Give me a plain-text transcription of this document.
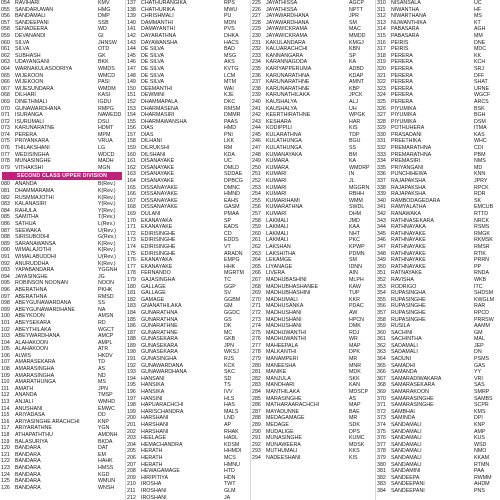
054 RAVIHARI	KMV
055 SANDARUWAN	HMG
056 BANDAMALI	DMP
057 SANDEEPANI	SSB
058 SENADEERA	WD
059 DEVANANDI	GI
060 SILVA	JHNSW
061 SILVA	OTD
062 SUBHASH	GK
063 UDAYANGANI	BKK
064 WARNAKULASOORIYA	WMDS
065 WIJEKOON	WMCD
066 WIJEKOON	PASI
067 WIJESUNDARA	WMDM
068 DILHARI	KASI
069 DINETHMALI	IGDU
070 GUNAWARDHANA	RMPG
071 ISURANGA	NAWEDD
072 ISURUMALI	DSU
073 KARUNARATNE	HDMT
074 PERERA	MPM
075 PRIYANKARA	VRUA
076 THILAKSHANI	LG
077 WEDISINGHA	WDCD
078 MUNASINGHE	MADH
079 VITHAKSHI	MGN
SECOND CLASS UPPER DIVISION
080 ANANDA	B(Rev.)
081 DHAMMARAMA	K(Rev.)
082 RUSMMAJOTHI	K(Rev.)
083 KALANASIRI	Y(Rev.)
084 RAHULA	Y(Rev.)
085 SAMITHA	T(Rev.)
086 SATHUA	L(Rev.)
087 SEEWAKA	U(Rev.)
088 SIRISUBODHI	G(Rev.)
089 SARANAWANSA	K(Rev.)
090 WIMALAJOTHI	K(Rev.)
091 WIMALABUDDHI	U(Rev.)
092 ANURUDDHA	K(Rev.)
093 YAPABANDARA	YGGNH
094 JAYASINGHE	JG
095 ROBINSON NOONAN	NOON
096 ABERATHNA	PKHK
097 ABERATHNA	RMSD
098 ABEYGUNAWARDANA	SS
099 ABEYGUNAWARDHANE	NA
100 ABEYKOON	AMSN
101 ABEYSEKARA	RD
102 ABEYTHILAKA	WGCT
103 ABEYWARDHANA	AMCP
104 ALAHAKOON	AMPL
105 ALAHAKOON	ATR
106 ALWIS	HKDV
107 AMARASEKARA	TD
108 AMARASINGHA	AS
109 AMARASINGHA	ND
110	AMARATHUNGA	MS
111	AMATH	JPN
112	ANANDA	TMSP
113	ANJALI	WMHD
114	ANUSHANI	EMWC
115	ARIYADASA	DD
116	ARIYASINGHE ARACHCHI	KNP
117	ARIYARATHNE	YGN
118	ATHAPATHTHU	AMDNH
119	BALASURIYA	BKDA
120 BANDARA	DAT
121 BANDARA	EM
122 BANDARA	HAHK
123 BANDARA	HMSS
124 BANDARA	KGD
125 BANDARA	WMUN
126 BANDARA	WNSH
137 CHATHURANGIKA	RPS
138 CHATHURIKA	MWU
139 CHRISHMALI	PU
140 DAMMANTHI	MDN
141 DAMAYANTHI	PVS
142 DAYARATHNA	DHKA
143 DAYAWANSHA	HACS
144 DE SILVA	BAD
145 DE SILVA	MSG
146 DE SILVA	AKS
147 DE SILVA	KVTG
148 DE SILVA	LCM
149 DE SILVA	MTM
150 DEEMANTHI	WAI
151 DEWMINI	KJE
152 DHAMMAPALA	DKC
153 DHARMASENA	RMSM
154 DHARMASIRI	DMMR
155 DHARMAWANSHA	PAAS
156 DIAS	HMD
157 DIAS	PNI
158 DILHANI	LKK
159 DILRUKSHI	RM
160 DILSHANI	KDA
161 DISANAYAKE	UC
162 DISANAYAKE	DMLD
163 DISANAYAKE	SDDAE
164 DISANAYAKE	DPBCG
165 DISSANAYAKE	DMNC
166 DISSANAYAKE	HMND
167 DISSANAYAKE	EAHS
168 DISSANAYAKE	GASM
169 DULANI	PMAA
170 EKANAYAKA	SP
171 EKANAYAKE	EADS
172 EDIRISINGHE	CD
173 EDIRISINGHE	EDDS
174 EDIRISINGHE	VT
175 EDIRISINGHE	ARADN
176 EKANAYAKA	EMPG
177 EKANAYAKE	HHK
178 FERNANDO	MGRTM
179 GAJASINGHA	TC
180 GALLAGE	GGP
181 GALLAGE	SV
182 GAMAGE	GGBM
183 GNANATHILAKA	GM
184 GUNARATHNA	GGDC
185 GUNARATHNA	GS
186 GUNARATHNE	DK
187 GUNARATHNE	MC
188 GUNASEKARA	GKB
189 GUNASEKARA	JPN
190 GUNASEKARA	WKSJ
191 GUNASINGHA	RJS
192 GUNAWARDANA	KCK
193 GUNAWARDHANA	SKC
194 HANSANI	SD
195 HANSIKA	TS
196 HANSIKA	IVV
197 HANSINI	HLS
198 HAPUARACHCHI	HAS
199 HARISCHANDRA	MALS
200 HARSHANI	LND
201 HARSHANI	AP
202 HARSHANI	RHAK
203 HEELAGE	HADL
204 HEMACHANDRA	KDSM
205 HERATH	HHMDI
206 HERATH	MCS
207 HERATH	HMNU
208 HEWAGAMAGE	HTD
209 HIRIPITIYA	HDN
210 IROSHA	TWT
211	IROSHANI	GLM
212 IROSHANI	JA
225 JAYATHISSA	AGCP
226 JAYATHISSA	NPTT
227 JAYAWARDHANA	JPR
228 JAYAWARDHANA	SM
229 JAYAWICKRAMA	MAC
230 JAYAWICKRAMA	MMDD
231 KAKULANDARA	KMGJ
232 KALUARACHCHI	KBN
233 KANNANGARA	SP
234 KARANNAGODA	KA
235 KARIYAPPERUMA	ADBD
236 KARUNARATHNA	KDAP
237 KARUNARATHNE	AMNT
238 KARUNARATHNE	KBP
239 KARUNATHILAKA	JPCK
240 KAUSHALYA	ALJ
241 KAUSHALYA	UH
242 KEERTHIRATHNE	WPGK
243 KESHARA	HAR
244 KODIPPILI	KIS
245 KULARATHNA	TDP
246 KULATHUNGA	BGU
247 KULATHUNGA	SS
248 KUMANAYAKA	BM
249 KUMARA	KA
250 KUMARA	WMDRP
251 KUMARI	IN
252 KUMARI	JL
253 KUMARI	MGGRN
254 KUMARI	RBHH
255 KUMARIHAMI	WMM
256 KUMARATHNA	SWDL
257 KUMARI	DHM
258 LAKMALI	JMD
259 LAKMALI	KAA
260 LAKMALI	NHT
261 LAKMALI	PKC
262 LAKSHAN	KPWP
263 LAKSHITHA	PDMN
264 LEKAMGE	SM
265 LIYANAGE	IDNN
266 LIVERA	AIN
267 MADHUBASHINI	MLPH
268 MADHUBHASHANEE	KAW
269 MADHUBHASHINI	TUP
270 MADHUMALI	KKR
271 MADHUSANKA	PDAC
272 MADHUSHANI	AW
273 MADHUSHANI	HPCN
274 MADHUSHANI	DMK
275 MADHUWANTHI	RDJ
276 MADHUWANTHI	WR
277 MAHEEPALA	MAP
278 MALKANTHI	DPK
279 MANAMPERI	MR
280 MANEESHA	MNR
281 MANIKE	MDK
282 MANJULA	SKK
283 MANOHARI	KAN
284 MANTHILAKA	MDSCP
285 MARASINGHE	AS
286 MATHARAARACHCHI	MAP
287 MAYADUNNE	BAE
288 MEDAGAMAGE	MR
289 MEDAGE	SDK
290 MUDALIGE	DPS
291 MUNASINGHE	KUMC
292 MUNAWEERA	MDSK
293 MUTHUMALI	KKS
294 NADEESHANI	KIS
310 NISANSALA	UC
311	NIWANTHA	HF
312 NIWARTHANA	MS
313 NUWANTHIKA	KT
314 PABASARA	AGH
315 PABASARA	MM
316 PEIRIS	DNE
317 PEIRIS	MDC
318 PERERA	KK
319 PERERA	KCH
320 PERERA	SRJ
321 PERERA	DFF
322 PERERA	SHAT
323 PERERA	URNE
324 PERERA	WGCF
325 PERERA	ARCS
326 PIYUMIKA	BSK
327 PIYUMIKA	BGH
328 PIYUMIKA	DSM
329 POTHUHERA	ITMA
330 PRASADANI	KAS
331 PREETHIKA	WHC
332 PREMARATHNA	CDI
333 PREMARATHNA	PBM
334 PREMASIRI	NMS
335 PRIYANGANI	MD
336 PUNCHIHEWA	KNN
337 RAJAPAKSHA	JPRY
338 RAJAPAKSHA	RPCK
339 RAJAPAKSHA	RDR
340 RAMBODAGEDARA	SK
341 RAMYALATHA	EMCUB
342 RANAWAKA	RTTD
343 RATHNASEKARA	NRCK
344 RATHNAYAKA	RSMS
345 RATHNAYAKE	RMGK
346 RATHNAYAKE	RKMSK
347 RATHNAYAKE	RMSR
348 RATHNAYAKE	RTIK
349 RATHNAYAKE	PRRN
350 RATHNAYAKE	PP
351 RATNAYAKE	RNDA
352 RAVISHA	WKB
353 RODRIGO	ITC
354 RUPASINGHA	SHDSM
355 RUPASINGHE	KWGLM
356 RUPASINGHE	RAR
357 RUPASINGHE	RPCD
358 RUPASINGHE	PRRSW
359 RUSILA	AAMM
360 SACHINI	GM
361 SACHINTHA	MAL
362 SADAMALI	JEP
363 SADAMALI	DN
364 SADUNI	PSMS
365 SAMADHI	GAS
366 SAMANDA	YY
367 SAMARADIWAKARA	VRI
368 SAMARASEKARA	SAS
369 SAMARAKOON	SMRP
370 SAMARASINGHE	SAMBS
371 SAMARASINGHE	SCPR
372 SAMBHAI	KMS
373 SAMINDA	DPI
374 SANDAMALI	KNP
375 SANDAMALI	AMP
376 SANDAMALI	KUS
377 SANDAMALI	WSD
378 SANDAMALI	NMO
379 SANDAMALI	KKAM
380 SANDAMALI	RTMN
381 SANDAMINI	PAA
382 SANDEEPA	RWMM
383 SANDEEPANI	AHDM
384 SANDEEPANI	PNS
